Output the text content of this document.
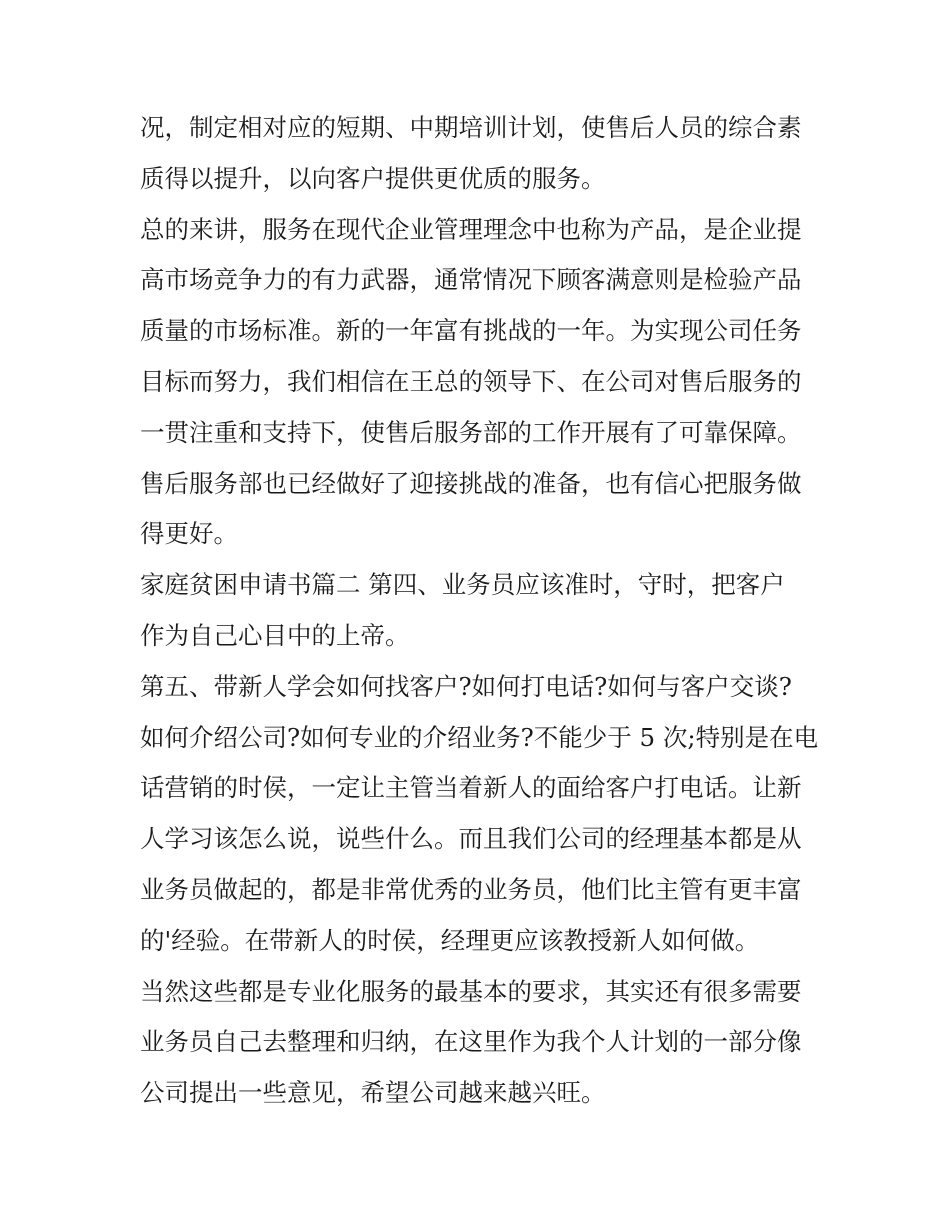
况，制定相对应的短期、中期培训计划，使售后人员的综合素
质得以提升，以向客户提供更优质的服务。
总的来讲，服务在现代企业管理理念中也称为产品，是企业提
高市场竞争力的有力武器，通常情况下顾客满意则是检验产品
质量的市场标准。新的一年富有挑战的一年。为实现公司任务
目标而努力，我们相信在王总的领导下、在公司对售后服务的
一贯注重和支持下，使售后服务部的工作开展有了可靠保障。
售后服务部也已经做好了迎接挑战的准备，也有信心把服务做
得更好。
家庭贫困申请书篇二 第四、业务员应该准时，守时，把客户
作为自己心目中的上帝。
第五、带新人学会如何找客户?如何打电话?如何与客户交谈?
如何介绍公司?如何专业的介绍业务?不能少于 5 次;特别是在电
话营销的时侯，一定让主管当着新人的面给客户打电话。让新
人学习该怎么说，说些什么。而且我们公司的经理基本都是从
业务员做起的，都是非常优秀的业务员，他们比主管有更丰富
的'经验。在带新人的时侯，经理更应该教授新人如何做。
当然这些都是专业化服务的最基本的要求，其实还有很多需要
业务员自己去整理和归纳，在这里作为我个人计划的一部分像
公司提出一些意见，希望公司越来越兴旺。
